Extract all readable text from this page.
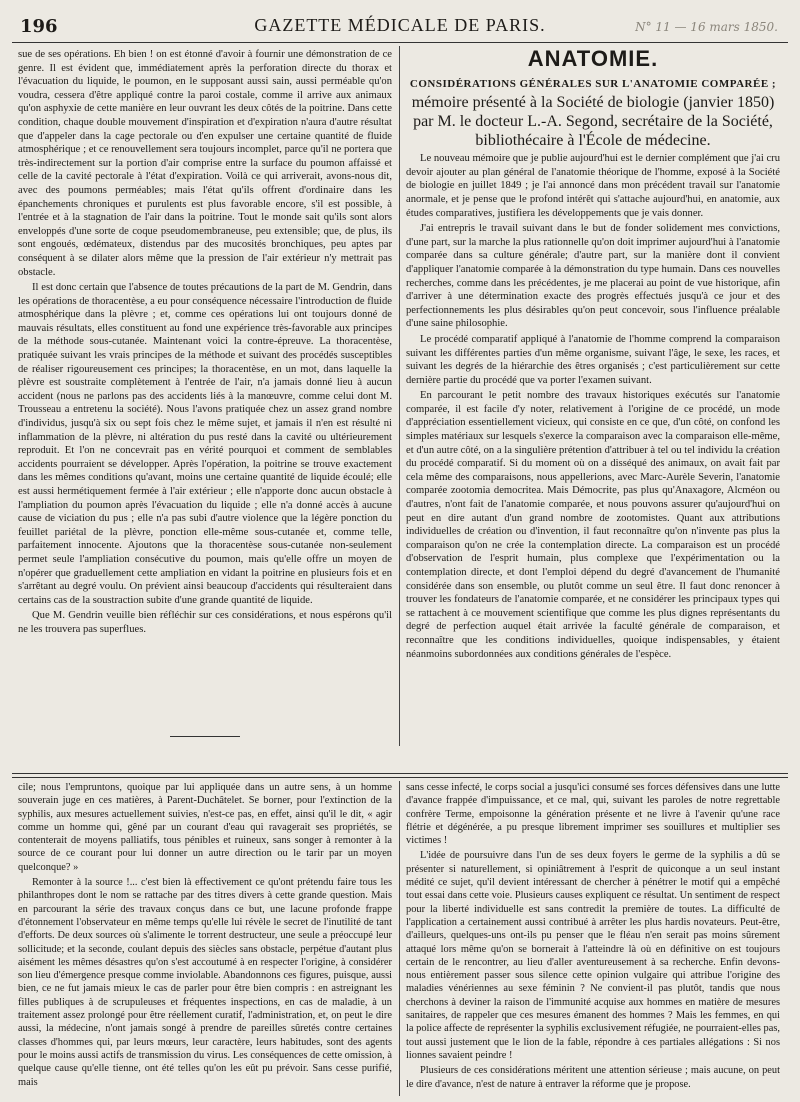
196	GAZETTE MÉDICALE DE PARIS.	N° 11 — 16 mars 1850.

sue de ses opérations. Eh bien ! on est étonné d'avoir à fournir une démonstration de ce genre. Il est évident que, immédiatement après la perforation directe du thorax et l'évacuation du liquide, le poumon, en le supposant aussi sain, aussi perméable qu'on voudra, cessera d'être appliqué contre la paroi costale, comme il arrive aux animaux qu'on asphyxie de cette manière en leur ouvrant les deux côtés de la poitrine. Dans cette condition, chaque double mouvement d'inspiration et d'expiration n'aura d'autre résultat que d'appeler dans la cage pectorale ou d'en expulser une certaine quantité de fluide atmosphérique ; et ce renouvellement sera toujours incomplet, parce qu'il ne portera que très-indirectement sur la portion d'air comprise entre la surface du poumon affaissé et celle de la cavité pectorale à l'état d'expiration. Voilà ce qui arriverait, avons-nous dit, avec des poumons perméables; mais l'état qu'ils offrent d'ordinaire dans les épanchements chroniques et purulents est plus favorable encore, s'il est possible, à l'entrée et à la stagnation de l'air dans la poitrine. Tout le monde sait qu'ils sont alors enveloppés d'une sorte de coque pseudomembraneuse, peu extensible; que, de plus, ils sont engoués, œdémateux, distendus par des mucosités bronchiques, peu aptes par conséquent à se dilater alors même que la pression de l'air extérieur n'y mettrait pas obstacle.

Il est donc certain que l'absence de toutes précautions de la part de M. Gendrin, dans les opérations de thoracentèse, a eu pour conséquence nécessaire l'introduction de fluide atmosphérique dans la plèvre ; et, comme ces opérations lui ont toujours donné de mauvais résultats, elles constituent au fond une expérience très-favorable aux principes de la méthode sous-cutanée. Maintenant voici la contre-épreuve. La thoracentèse, pratiquée suivant les vrais principes de la méthode et suivant des procédés susceptibles de réaliser rigoureusement ces principes; la thoracentèse, en un mot, dans laquelle la plèvre est soustraite complètement à l'entrée de l'air, n'a jamais donné lieu à aucun accident (nous ne parlons pas des accidents liés à la manœuvre, comme celui dont M. Trousseau a entretenu la société). Nous l'avons pratiquée chez un assez grand nombre d'individus, jusqu'à six ou sept fois chez le même sujet, et jamais il n'en est résulté ni inflammation de la plèvre, ni altération du pus resté dans la cavité ou ultérieurement reproduit. Et l'on ne concevrait pas en vérité pourquoi et comment de semblables accidents pourraient se développer. Après l'opération, la poitrine se trouve exactement dans les mêmes conditions qu'avant, moins une certaine quantité de liquide écoulé; elle est aussi hermétiquement fermée à l'air extérieur ; elle n'apporte donc aucun obstacle à l'ampliation du poumon après l'évacuation du liquide ; elle n'a donné accès à aucune cause de viciation du pus ; elle n'a pas subi d'autre violence que la légère ponction du feuillet pariétal de la plèvre, ponction elle-même sous-cutanée et, comme telle, parfaitement innocente. Ajoutons que la thoracentèse sous-cutanée non-seulement permet seule l'ampliation consécutive du poumon, mais qu'elle offre un moyen de n'opérer que graduellement cette ampliation en vidant la poitrine en plusieurs fois et en s'arrêtant au degré voulu. On prévient ainsi beaucoup d'accidents qui résulteraient dans certains cas de la soustraction subite d'une grande quantité de liquide.

Que M. Gendrin veuille bien réfléchir sur ces considérations, et nous espérons qu'il ne les trouvera pas superflues.

ANATOMIE.

CONSIDÉRATIONS GÉNÉRALES SUR L'ANATOMIE COMPARÉE ;

mémoire présenté à la Société de biologie (janvier 1850) par M. le docteur L.-A. Segond, secrétaire de la Société, bibliothécaire à l'École de médecine.

Le nouveau mémoire que je publie aujourd'hui est le dernier complément que j'ai cru devoir ajouter au plan général de l'anatomie théorique de l'homme, exposé à la Société de biologie en juillet 1849 ; je l'ai annoncé dans mon précédent travail sur l'anatomie anormale, et je pense que le profond intérêt qui s'attache aujourd'hui, en anatomie, aux études comparatives, justifiera les développements que je vais donner.

J'ai entrepris le travail suivant dans le but de fonder solidement mes convictions, d'une part, sur la marche la plus rationnelle qu'on doit imprimer aujourd'hui à l'anatomie comparée dans sa culture générale; d'autre part, sur la manière dont il convient d'appliquer l'anatomie comparée à la démonstration du type humain. Dans ces nouvelles recherches, comme dans les précédentes, je me placerai au point de vue historique, afin d'arriver à une détermination exacte des progrès effectués jusqu'à ce jour et des perfectionnements les plus désirables qu'on peut concevoir, sous l'influence préalable d'une saine philosophie.

Le procédé comparatif appliqué à l'anatomie de l'homme comprend la comparaison suivant les différentes parties d'un même organisme, suivant l'âge, le sexe, les races, et suivant les degrés de la hiérarchie des êtres organisés ; c'est particulièrement sur cette dernière partie du procédé que va porter l'examen suivant.

En parcourant le petit nombre des travaux historiques exécutés sur l'anatomie comparée, il est facile d'y noter, relativement à l'origine de ce procédé, un mode d'appréciation essentiellement vicieux, qui consiste en ce que, d'un côté, on confond les simples matériaux sur lesquels s'exerce la comparaison avec la comparaison elle-même, et d'un autre côté, on a la singulière prétention d'attribuer à tel ou tel individu la création du procédé comparatif. Si du moment où on a disséqué des animaux, on avait fait par cela même des comparaisons, nous appellerions, avec Marc-Aurèle Severin, l'anatomie comparée zootomia democritea. Mais Démocrite, pas plus qu'Anaxagore, Alcméon ou d'autres, n'ont fait de l'anatomie comparée, et nous pouvons assurer qu'aujourd'hui on peut en dire autant d'un grand nombre de zootomistes. Quant aux attributions individuelles de création ou d'invention, il faut reconnaître qu'on n'invente pas plus la comparaison qu'on ne crée la contemplation directe. La comparaison est un procédé d'observation de l'esprit humain, plus complexe que l'expérimentation ou la contemplation directe, et dont l'emploi dépend du degré d'avancement de l'humanité considérée dans son ensemble, ou plutôt comme un seul être. Il faut donc renoncer à trouver les fondateurs de l'anatomie comparée, et ne considérer les principaux types qui se rattachent à ce mouvement scientifique que comme les plus dignes représentants du degré de perfection auquel était arrivée la faculté générale de comparaison, et reconnaître que les conditions individuelles, quoique indispensables, y étaient néanmoins subordonnées aux conditions générales de l'espèce.

cile; nous l'empruntons, quoique par lui appliquée dans un autre sens, à un homme souverain juge en ces matières, à Parent-Duchâtelet. Se borner, pour l'extinction de la syphilis, aux mesures actuellement suivies, n'est-ce pas, en effet, ainsi qu'il le dit, « agir comme un homme qui, gêné par un courant d'eau qui ravagerait ses propriétés, se contenterait de moyens palliatifs, tous pénibles et ruineux, sans songer à remonter à la source de ce courant pour lui donner un autre direction ou le tarir par un moyen quelconque? »

Remonter à la source !... c'est bien là effectivement ce qu'ont prétendu faire tous les philanthropes dont le nom se rattache par des titres divers à cette grande question. Mais en parcourant la série des travaux conçus dans ce but, une lacune profonde frappe d'étonnement l'observateur en même temps qu'elle lui révèle le secret de l'inutilité de tant d'efforts. De deux sources où s'alimente le torrent destructeur, une seule a préoccupé leur sollicitude; et la seconde, coulant depuis des siècles sans obstacle, perpétue d'autant plus aisément les mêmes désastres qu'on s'est accoutumé à en respecter l'origine, à considérer son lieu d'émergence presque comme inviolable. Abandonnons ces figures, puisque, aussi bien, ce ne fut jamais mieux le cas de parler pour être bien compris : en astreignant les filles publiques à de scrupuleuses et fréquentes inspections, en cas de maladie, à un traitement assez prolongé pour être réellement curatif, l'administration, et, on peut le dire aussi, la médecine, n'ont jamais songé à prendre de pareilles sûretés contre certaines classes d'hommes qui, par leurs mœurs, leur caractère, leurs habitudes, sont des agents pour le moins aussi actifs de transmission du virus. Les conséquences de cette omission, à quelque cause qu'elle tienne, ont été telles qu'on les eût pu prévoir. Sans cesse purifié, mais

sans cesse infecté, le corps social a jusqu'ici consumé ses forces défensives dans une lutte d'avance frappée d'impuissance, et ce mal, qui, suivant les paroles de notre regrettable confrère Terme, empoisonne la génération présente et ne livre à l'avenir qu'une race flétrie et dégénérée, a pu presque librement imprimer ses souillures et multiplier ses victimes !

L'idée de poursuivre dans l'un de ses deux foyers le germe de la syphilis a dû se présenter si naturellement, si opiniâtrement à l'esprit de quiconque a un seul instant médité ce sujet, qu'il devient intéressant de chercher à pénétrer le motif qui a empêché tout essai dans cette voie. Plusieurs causes expliquent ce résultat. Un sentiment de respect pour la liberté individuelle est sans contredit la première de toutes. La difficulté de l'application a certainement aussi contribué à arrêter les plus hardis novateurs. Peut-être, d'ailleurs, quelques-uns ont-ils pu penser que le fléau n'en serait pas moins sûrement attaqué lors même qu'on se bornerait à l'atteindre là où en définitive on est toujours certain de le rencontrer, au lieu d'aller aventureusement à sa recherche. Enfin devons-nous entièrement passer sous silence cette opinion vulgaire qui attribue l'origine des maladies vénériennes au sexe féminin ? Ne convient-il pas plutôt, tandis que nous cherchons à deviner la raison de l'immunité acquise aux hommes en matière de mesures sanitaires, de rappeler que ces mesures émanent des hommes ? Mais les femmes, en qui la police affecte de représenter la syphilis exclusivement réfugiée, ne pourraient-elles pas, tout aussi justement que le lion de la fable, répondre à ces partiales allégations : Si nos lionnes savaient peindre !

Plusieurs de ces considérations méritent une attention sérieuse ; mais aucune, on peut le dire d'avance, n'est de nature à entraver la réforme que je propose.
